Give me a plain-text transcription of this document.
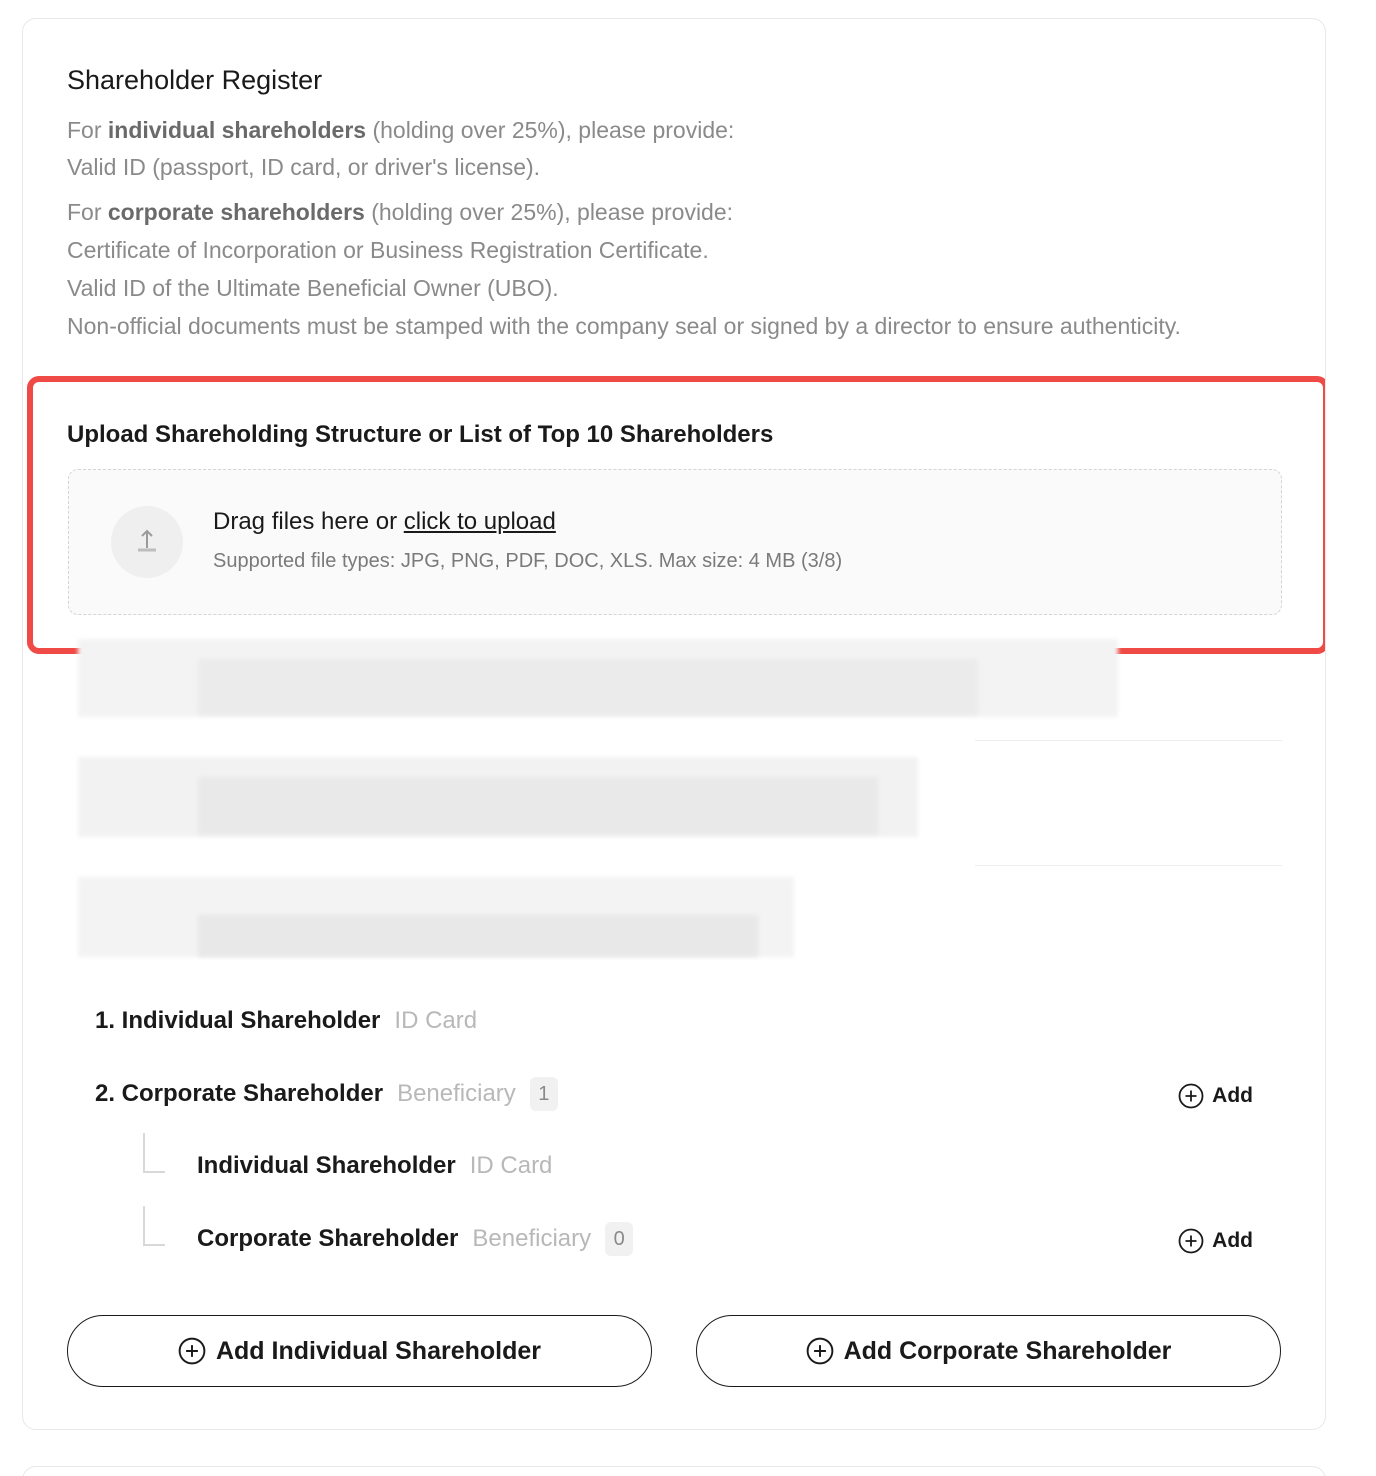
Shareholder Register
For individual shareholders (holding over 25%), please provide:
Valid ID (passport, ID card, or driver's license).
For corporate shareholders (holding over 25%), please provide:
Certificate of Incorporation or Business Registration Certificate.
Valid ID of the Ultimate Beneficial Owner (UBO).
Non-official documents must be stamped with the company seal or signed by a director to ensure authenticity.
Upload Shareholding Structure or List of Top 10 Shareholders
Drag files here or click to upload
Supported file types: JPG, PNG, PDF, DOC, XLS. Max size: 4 MB (3/8)
1. Individual Shareholder ID Card
2. Corporate Shareholder Beneficiary	1	Add
Individual Shareholder ID Card
Corporate Shareholder Beneficiary	0	Add
Add Individual Shareholder	Add Corporate Shareholder
